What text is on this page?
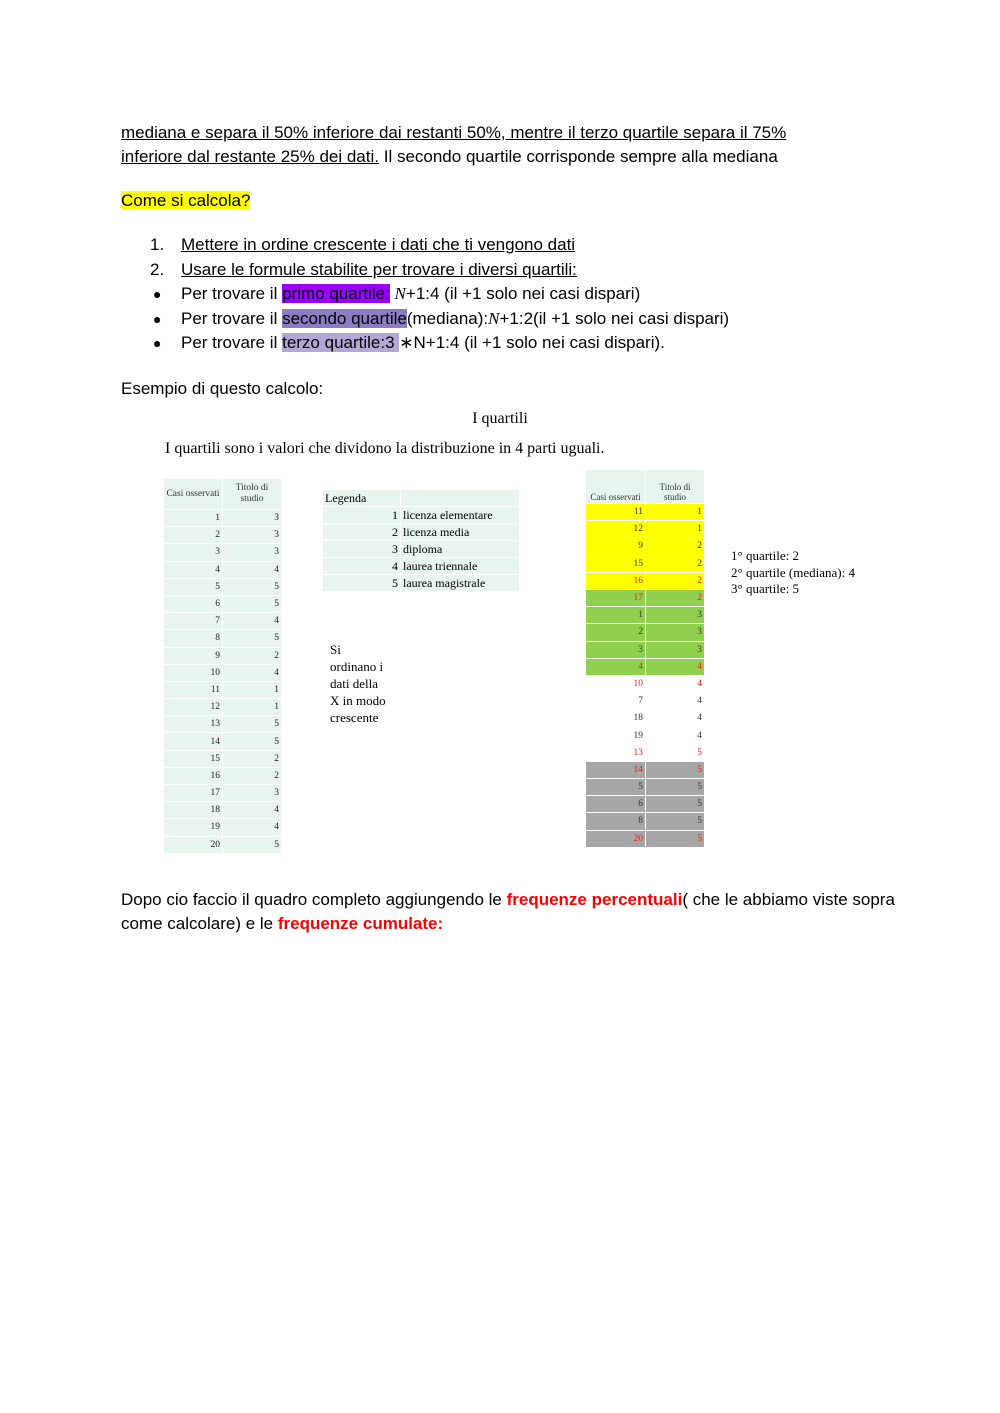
mediana e separa il 50% inferiore dai restanti 50%, mentre il terzo quartile separa il 75%

inferiore dal restante 25% dei dati. Il secondo quartile corrisponde sempre alla mediana

Come si calcola?

1. Mettere in ordine crescente i dati che ti vengono dati
2. Usare le formule stabilite per trovare i diversi quartili:
● Per trovare il primo quartile: N+1:4 (il +1 solo nei casi dispari)
● Per trovare il secondo quartile(mediana):N+1:2(il +1 solo nei casi dispari)
● Per trovare il terzo quartile:3 ∗N+1:4 (il +1 solo nei casi dispari).

Esempio di questo calcolo:

I quartili
I quartili sono i valori che dividono la distribuzione in 4 parti uguali.
Casi osservati	Titolo di studio
1	3
2	3
3	3
4	4
5	5
6	5
7	4
8	5
9	2
10	4
11	1
12	1
13	5
14	5
15	2
16	2
17	3
18	4
19	4
20	5
Legenda	
1	licenza elementare
2	licenza media
3	diploma
4	laurea triennale
5	laurea magistrale
Si
ordinano i
dati della
X in modo
crescente
Casi osservati	Titolo di studio
11	1
12	1
9	2
15	2
16	2
17	2
1	3
2	3
3	3
4	4
10	4
7	4
18	4
19	4
13	5
14	5
5	5
6	5
8	5
20	5
1° quartile: 2
2° quartile (mediana): 4
3° quartile: 5

Dopo cio faccio il quadro completo aggiungendo le frequenze percentuali( che le abbiamo viste sopra come calcolare) e le frequenze cumulate:
